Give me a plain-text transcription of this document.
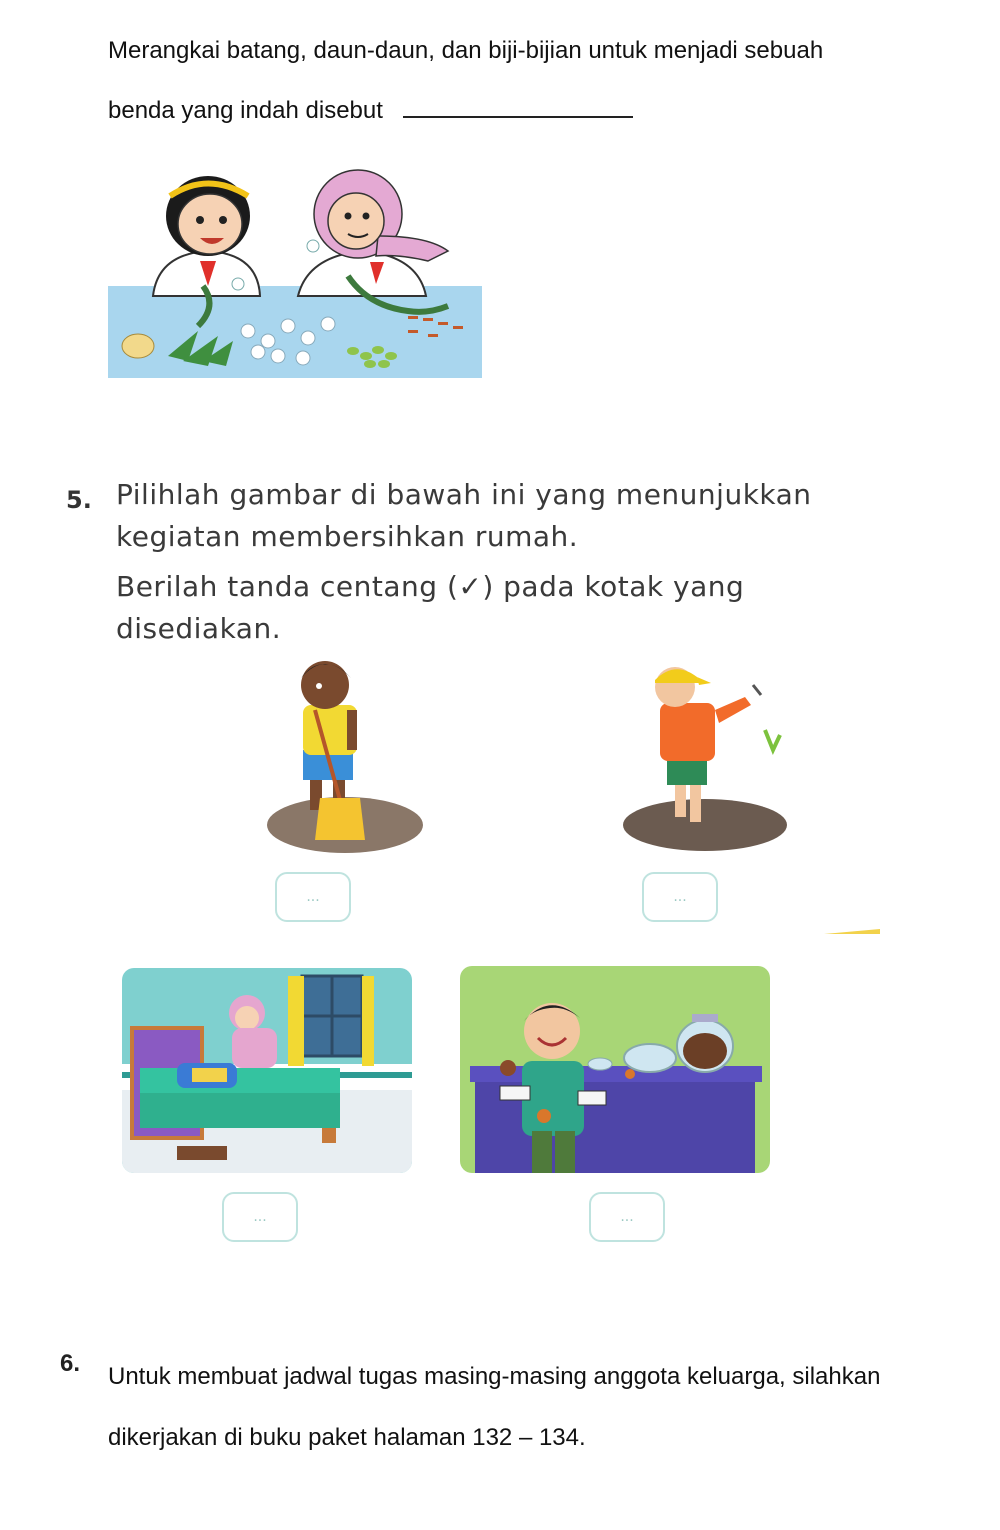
Merangkai batang, daun-daun, dan biji-bijian untuk menjadi sebuah
benda yang indah disebut
5. Pilihlah gambar di bawah ini yang menunjukkan
kegiatan membersihkan rumah.
Berilah tanda centang (✓) pada kotak yang
disediakan.
...	...
...	...
6. Untuk membuat jadwal tugas masing-masing anggota keluarga, silahkan
dikerjakan di buku paket halaman 132 – 134.
